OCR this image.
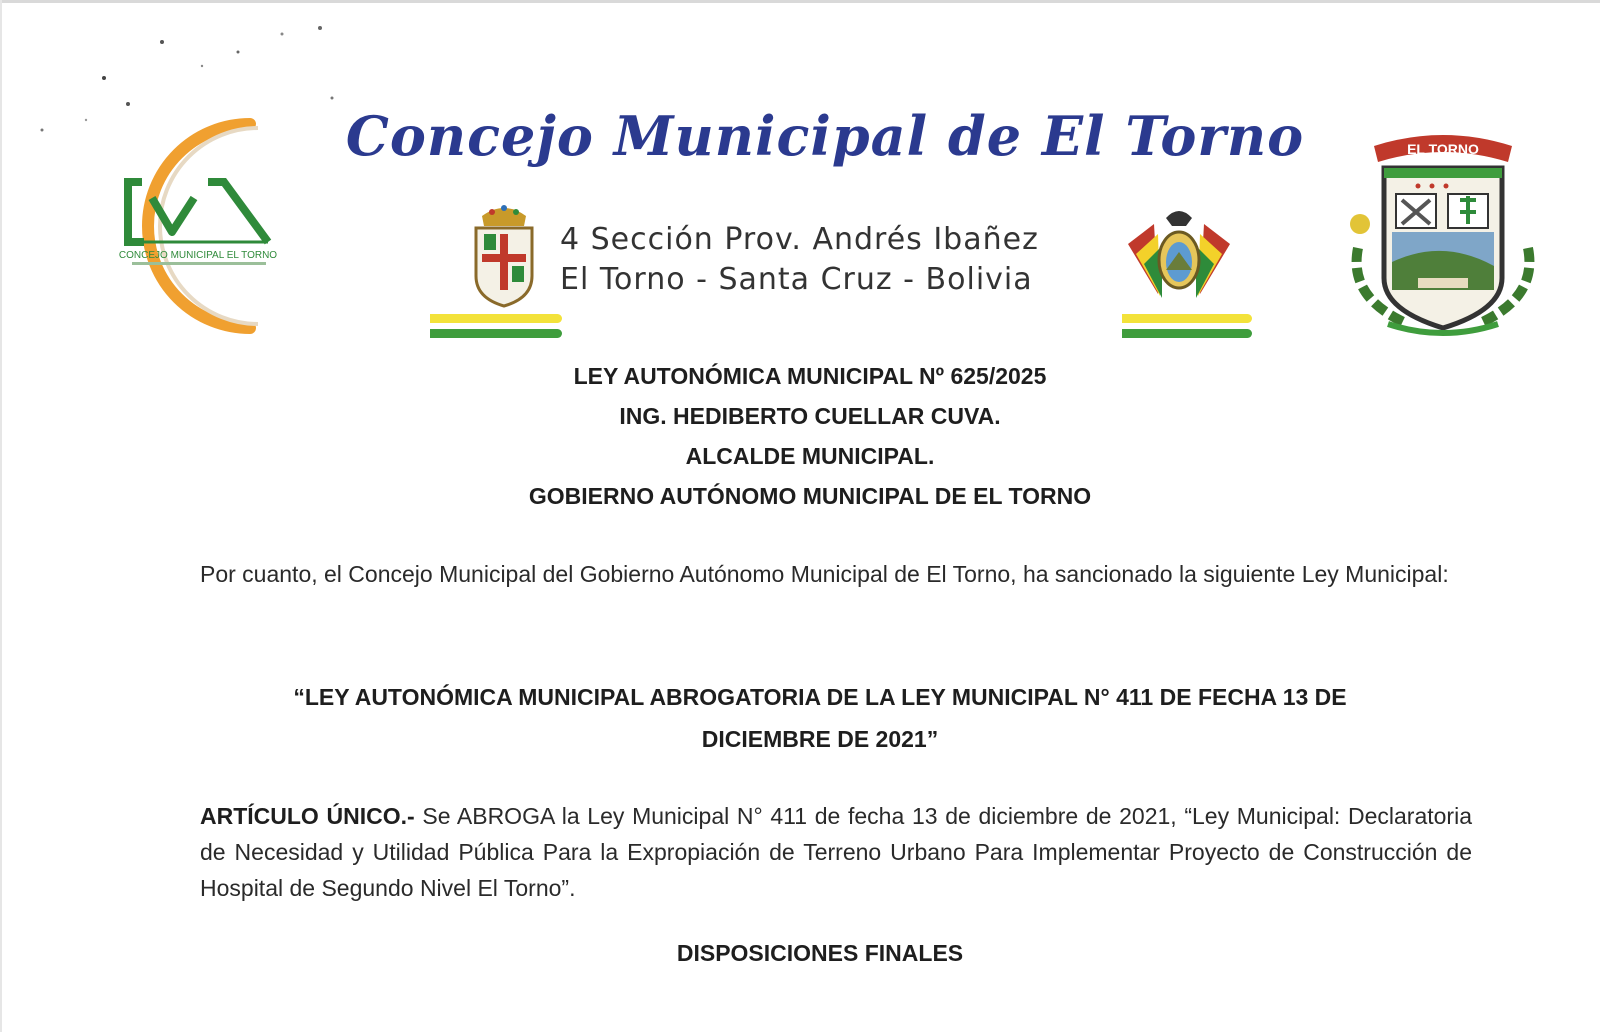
CONCEJO MUNICIPAL EL TORNO
Concejo Municipal de El Torno
4 Sección Prov. Andrés Ibañez
El Torno - Santa Cruz - Bolivia
EL TORNO
LEY AUTONÓMICA MUNICIPAL Nº 625/2025
ING. HEDIBERTO CUELLAR CUVA.
ALCALDE MUNICIPAL.
GOBIERNO AUTÓNOMO MUNICIPAL DE EL TORNO
Por cuanto, el Concejo Municipal del Gobierno Autónomo Municipal de El Torno, ha sancionado la siguiente Ley Municipal:
“LEY AUTONÓMICA MUNICIPAL ABROGATORIA DE LA LEY MUNICIPAL N° 411 DE FECHA 13 DE DICIEMBRE DE 2021”
ARTÍCULO ÚNICO.- Se ABROGA la Ley Municipal N° 411 de fecha 13 de diciembre de 2021, “Ley Municipal: Declaratoria de Necesidad y Utilidad Pública Para la Expropiación de Terreno Urbano Para Implementar Proyecto de Construcción de Hospital de Segundo Nivel El Torno”.
DISPOSICIONES FINALES
